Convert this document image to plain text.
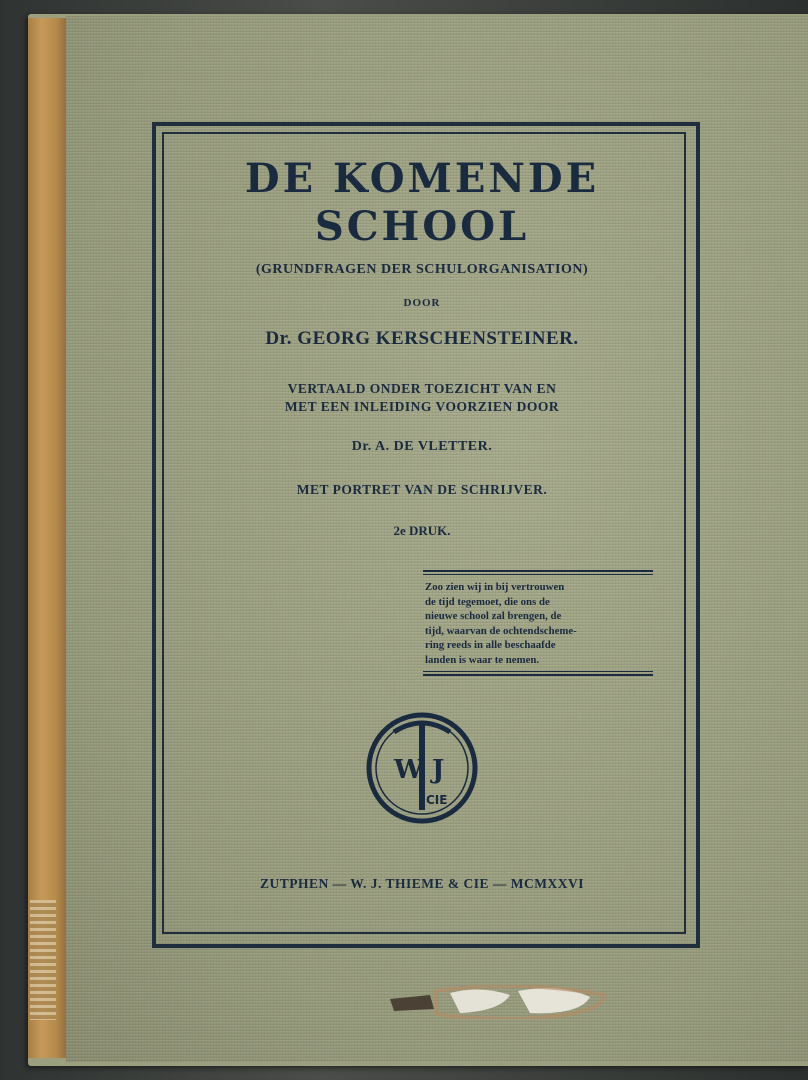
DE KOMENDE
SCHOOL
(GRUNDFRAGEN DER SCHULORGANISATION)
DOOR
Dr. GEORG KERSCHENSTEINER.
VERTAALD ONDER TOEZICHT VAN EN
MET EEN INLEIDING VOORZIEN DOOR
Dr. A. DE VLETTER.
MET PORTRET VAN DE SCHRIJVER.
2e DRUK.
Zoo zien wij in bij vertrouwen
de tijd tegemoet, die ons de
nieuwe school zal brengen, de
tijd, waarvan de ochtendscheme-
ring reeds in alle beschaafde
landen is waar te nemen.
W J
CIE
ZUTPHEN — W. J. THIEME & CIE — MCMXXVI
